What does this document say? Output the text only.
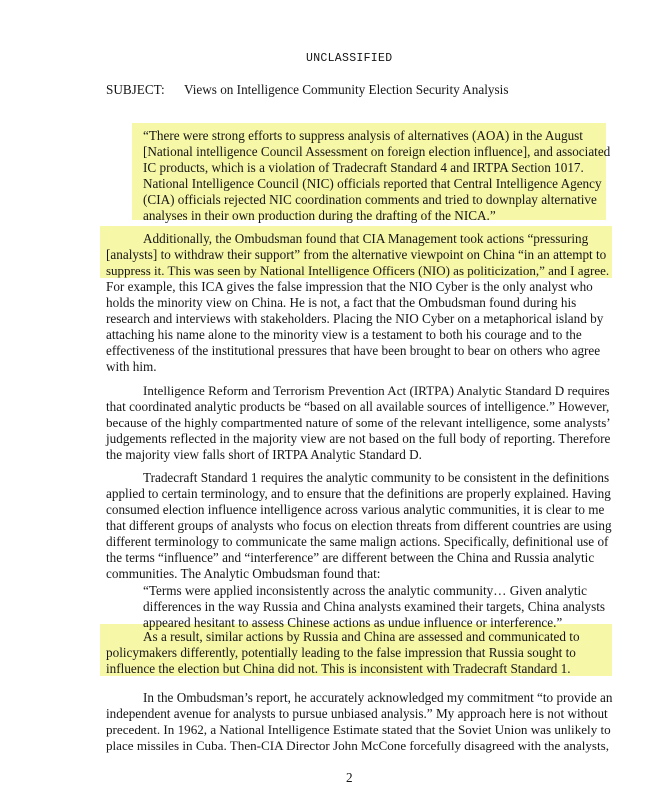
UNCLASSIFIED
SUBJECT: Views on Intelligence Community Election Security Analysis
“There were strong efforts to suppress analysis of alternatives (AOA) in the August
[National intelligence Council Assessment on foreign election influence], and associated
IC products, which is a violation of Tradecraft Standard 4 and IRTPA Section 1017.
National Intelligence Council (NIC) officials reported that Central Intelligence Agency
(CIA) officials rejected NIC coordination comments and tried to downplay alternative
analyses in their own production during the drafting of the NICA.”
Additionally, the Ombudsman found that CIA Management took actions “pressuring
[analysts] to withdraw their support” from the alternative viewpoint on China “in an attempt to
suppress it. This was seen by National Intelligence Officers (NIO) as politicization,” and I agree.
For example, this ICA gives the false impression that the NIO Cyber is the only analyst who
holds the minority view on China. He is not, a fact that the Ombudsman found during his
research and interviews with stakeholders. Placing the NIO Cyber on a metaphorical island by
attaching his name alone to the minority view is a testament to both his courage and to the
effectiveness of the institutional pressures that have been brought to bear on others who agree
with him.
Intelligence Reform and Terrorism Prevention Act (IRTPA) Analytic Standard D requires
that coordinated analytic products be “based on all available sources of intelligence.” However,
because of the highly compartmented nature of some of the relevant intelligence, some analysts’
judgements reflected in the majority view are not based on the full body of reporting. Therefore
the majority view falls short of IRTPA Analytic Standard D.
Tradecraft Standard 1 requires the analytic community to be consistent in the definitions
applied to certain terminology, and to ensure that the definitions are properly explained. Having
consumed election influence intelligence across various analytic communities, it is clear to me
that different groups of analysts who focus on election threats from different countries are using
different terminology to communicate the same malign actions. Specifically, definitional use of
the terms “influence” and “interference” are different between the China and Russia analytic
communities. The Analytic Ombudsman found that:
“Terms were applied inconsistently across the analytic community… Given analytic
differences in the way Russia and China analysts examined their targets, China analysts
appeared hesitant to assess Chinese actions as undue influence or interference.”
As a result, similar actions by Russia and China are assessed and communicated to
policymakers differently, potentially leading to the false impression that Russia sought to
influence the election but China did not. This is inconsistent with Tradecraft Standard 1.
In the Ombudsman’s report, he accurately acknowledged my commitment “to provide an
independent avenue for analysts to pursue unbiased analysis.” My approach here is not without
precedent. In 1962, a National Intelligence Estimate stated that the Soviet Union was unlikely to
place missiles in Cuba. Then-CIA Director John McCone forcefully disagreed with the analysts,
2
